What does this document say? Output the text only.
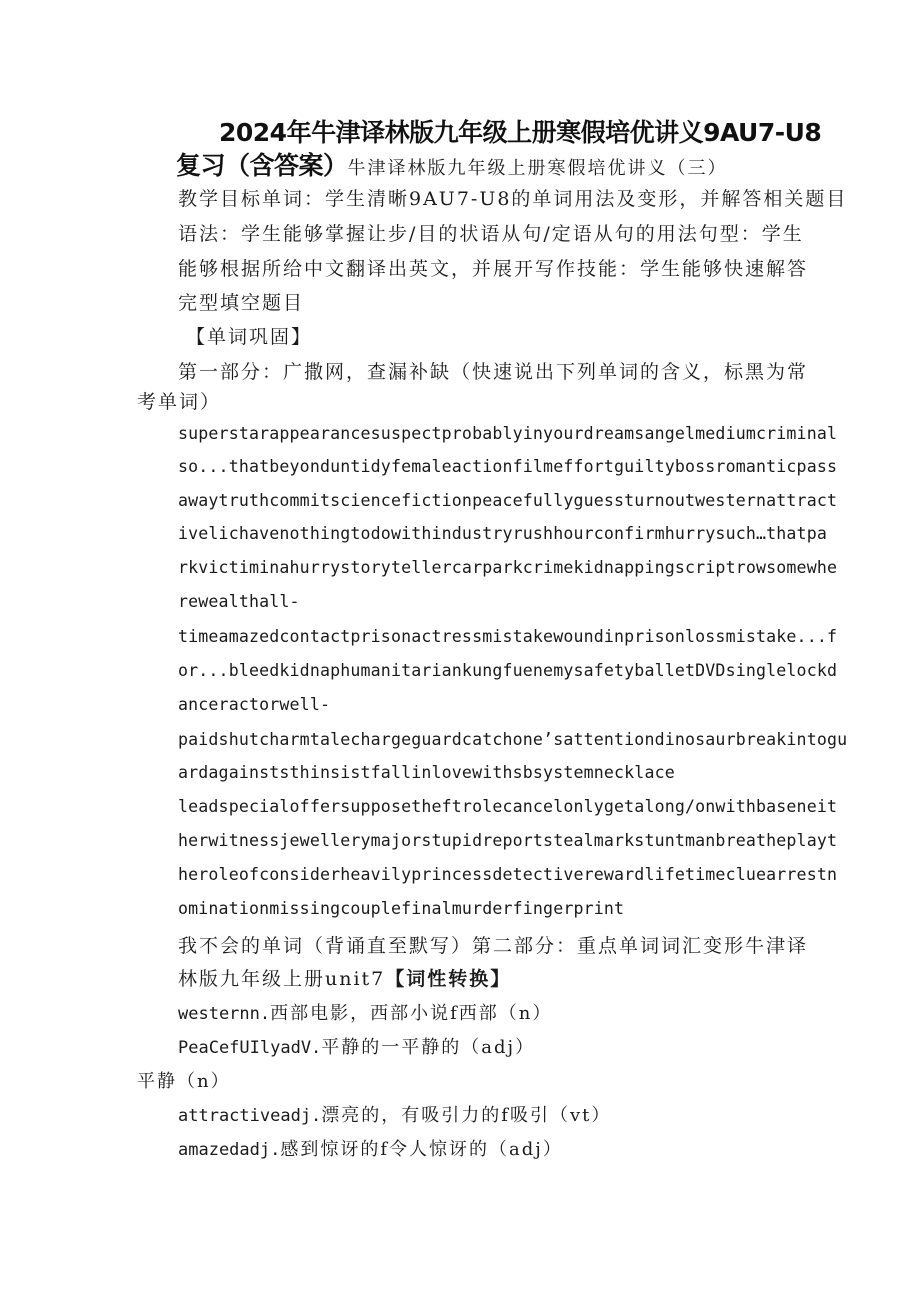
2024年牛津译林版九年级上册寒假培优讲义9AU7-U8
复习（含答案）牛津译林版九年级上册寒假培优讲义（三）
教学目标单词：学生清晰9AU7-U8的单词用法及变形，并解答相关题目
语法：学生能够掌握让步/目的状语从句/定语从句的用法句型：学生
能够根据所给中文翻译出英文，并展开写作技能：学生能够快速解答
完型填空题目
【单词巩固】
第一部分：广撒网，查漏补缺（快速说出下列单词的含义，标黑为常
考单词）
superstarappearancesuspectprobablyinyourdreamsangelmediumcriminal
so...thatbeyonduntidyfemaleactionfilmeffortguiltybossromanticpass
awaytruthcommitsciencefictionpeacefullyguessturnoutwesternattract
ivelichavenothingtodowithindustryrushhourconfirmhurrysuch…thatpa
rkvictiminahurrystorytellercarparkcrimekidnappingscriptrowsomewhe
rewealthall-
timeamazedcontactprisonactressmistakewoundinprisonlossmistake...f
or...bleedkidnaphumanitariankungfuenemysafetyballetDVDsinglelockd
anceractorwell-
paidshutcharmtalechargeguardcatchone’sattentiondinosaurbreakintogu
ardagainststhinsistfallinlovewithsbsystemnecklace
leadspecialoffersupposetheftrolecancelonlygetalong/onwithbaseneit
herwitnessjewellerymajorstupidreportstealmarkstuntmanbreatheplayt
heroleofconsiderheavilyprincessdetectiverewardlifetimecluearrestn
ominationmissingcouplefinalmurderfingerprint
我不会的单词（背诵直至默写）第二部分：重点单词词汇变形牛津译
林版九年级上册unit7【词性转换】
westernn.西部电影，西部小说f西部（n）
PeaCefUIlyadV.平静的一平静的（adj）
平静（n）
attractiveadj.漂亮的，有吸引力的f吸引（vt）
amazedadj.感到惊讶的f令人惊讶的（adj）
